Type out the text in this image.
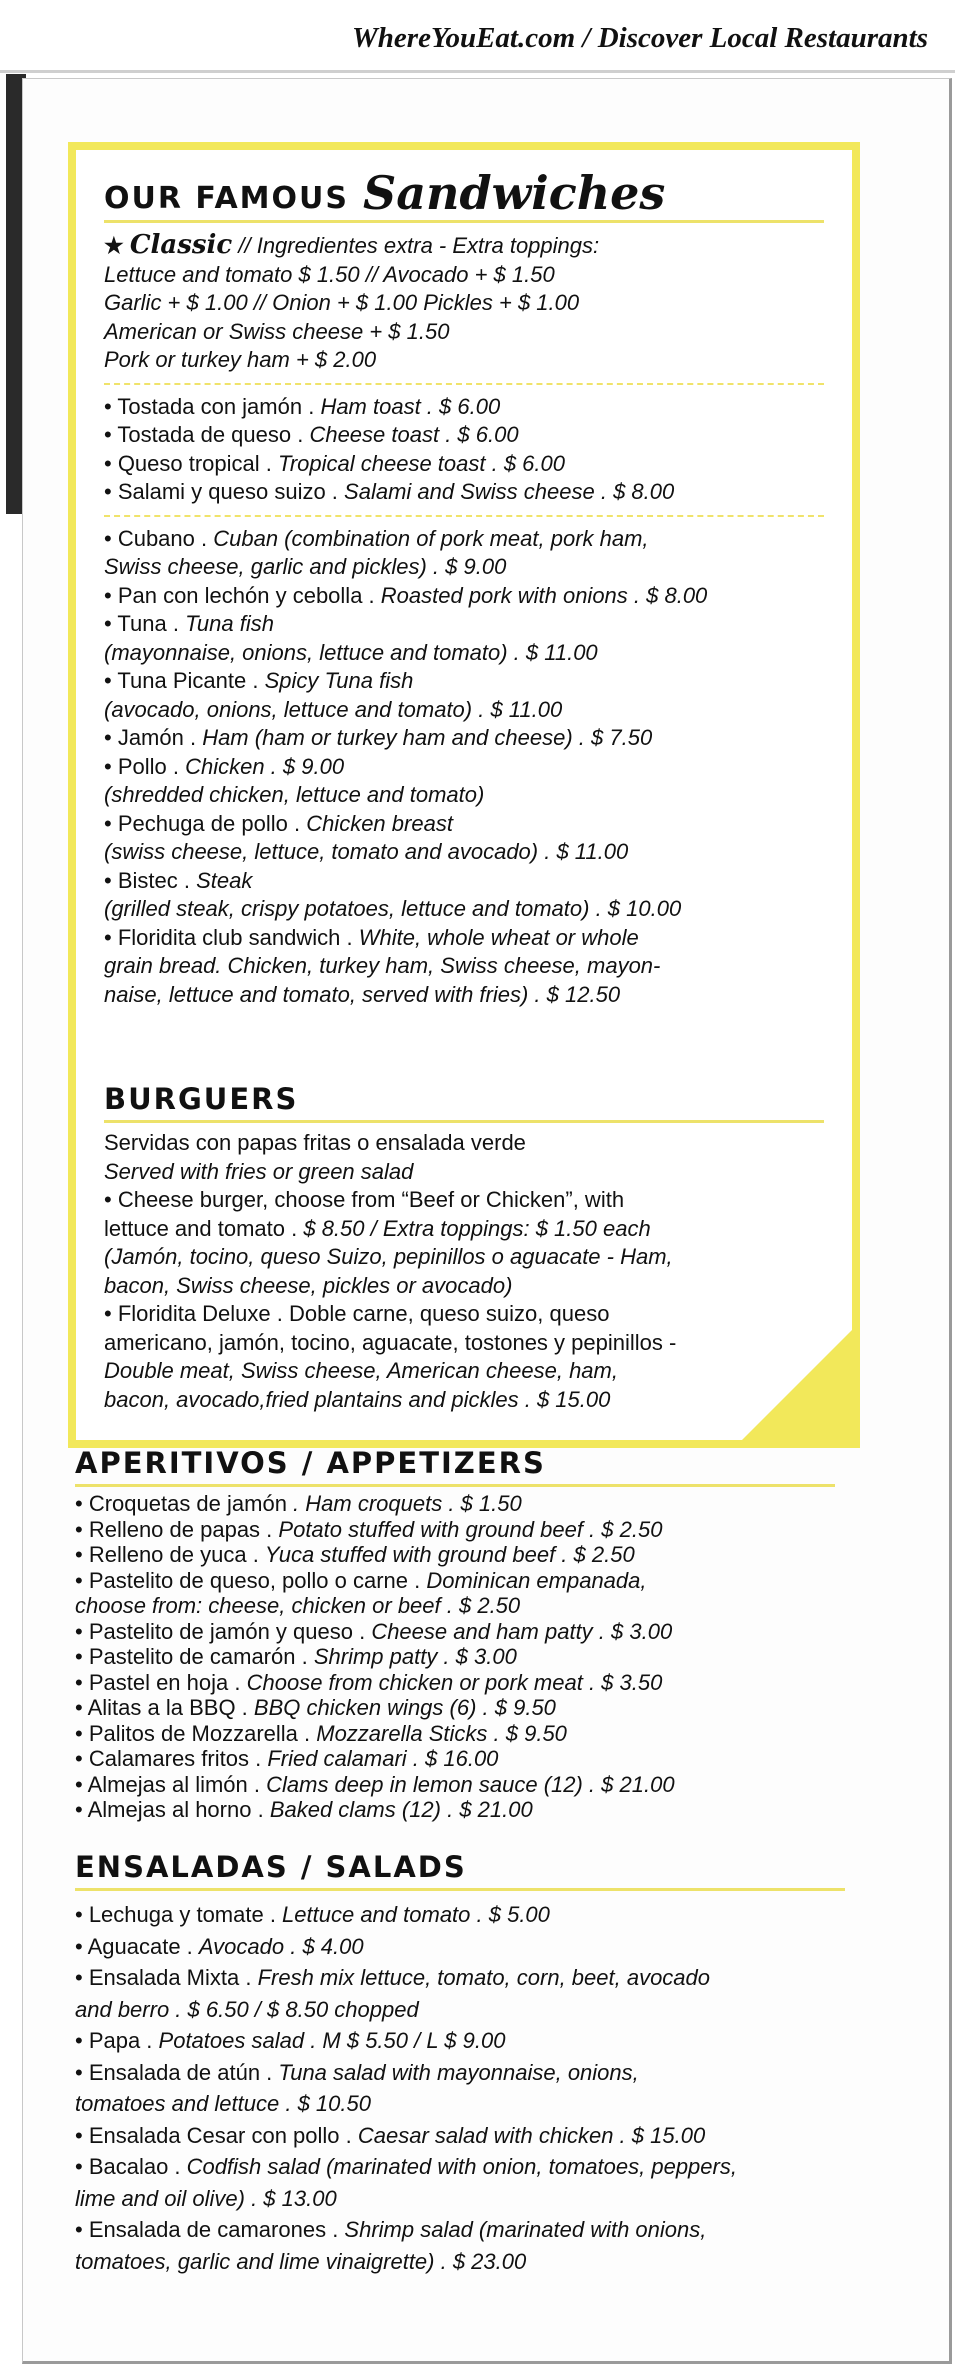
WhereYouEat.com / Discover Local Restaurants
OUR FAMOUS Sandwiches
★ Classic // Ingredientes extra - Extra toppings:
Lettuce and tomato $ 1.50 // Avocado + $ 1.50
Garlic + $ 1.00 // Onion + $ 1.00 Pickles + $ 1.00
American or Swiss cheese + $ 1.50
Pork or turkey ham + $ 2.00
• Tostada con jamón . Ham toast . $ 6.00
• Tostada de queso . Cheese toast . $ 6.00
• Queso tropical . Tropical cheese toast . $ 6.00
• Salami y queso suizo . Salami and Swiss cheese . $ 8.00
• Cubano . Cuban (combination of pork meat, pork ham,
Swiss cheese, garlic and pickles) . $ 9.00
• Pan con lechón y cebolla . Roasted pork with onions . $ 8.00
• Tuna . Tuna fish
(mayonnaise, onions, lettuce and tomato) . $ 11.00
• Tuna Picante . Spicy Tuna fish
(avocado, onions, lettuce and tomato) . $ 11.00
• Jamón . Ham (ham or turkey ham and cheese) . $ 7.50
• Pollo . Chicken . $ 9.00
(shredded chicken, lettuce and tomato)
• Pechuga de pollo . Chicken breast
(swiss cheese, lettuce, tomato and avocado) . $ 11.00
• Bistec . Steak
(grilled steak, crispy potatoes, lettuce and tomato) . $ 10.00
• Floridita club sandwich . White, whole wheat or whole
grain bread. Chicken, turkey ham, Swiss cheese, mayon-
naise, lettuce and tomato, served with fries) . $ 12.50
BURGUERS
Servidas con papas fritas o ensalada verde
Served with fries or green salad
• Cheese burger, choose from “Beef or Chicken”, with
lettuce and tomato . $ 8.50 / Extra toppings: $ 1.50 each
(Jamón, tocino, queso Suizo, pepinillos o aguacate - Ham,
bacon, Swiss cheese, pickles or avocado)
• Floridita Deluxe . Doble carne, queso suizo, queso
americano, jamón, tocino, aguacate, tostones y pepinillos -
Double meat, Swiss cheese, American cheese, ham,
bacon, avocado,fried plantains and pickles . $ 15.00
APERITIVOS / APPETIZERS
• Croquetas de jamón . Ham croquets . $ 1.50
• Relleno de papas . Potato stuffed with ground beef . $ 2.50
• Relleno de yuca . Yuca stuffed with ground beef . $ 2.50
• Pastelito de queso, pollo o carne . Dominican empanada,
choose from: cheese, chicken or beef . $ 2.50
• Pastelito de jamón y queso . Cheese and ham patty . $ 3.00
• Pastelito de camarón . Shrimp patty . $ 3.00
• Pastel en hoja . Choose from chicken or pork meat . $ 3.50
• Alitas a la BBQ . BBQ chicken wings (6) . $ 9.50
• Palitos de Mozzarella . Mozzarella Sticks . $ 9.50
• Calamares fritos . Fried calamari . $ 16.00
• Almejas al limón . Clams deep in lemon sauce (12) . $ 21.00
• Almejas al horno . Baked clams (12) . $ 21.00
ENSALADAS / SALADS
• Lechuga y tomate . Lettuce and tomato . $ 5.00
• Aguacate . Avocado . $ 4.00
• Ensalada Mixta . Fresh mix lettuce, tomato, corn, beet, avocado
and berro . $ 6.50 / $ 8.50 chopped
• Papa . Potatoes salad . M $ 5.50 / L $ 9.00
• Ensalada de atún . Tuna salad with mayonnaise, onions,
tomatoes and lettuce . $ 10.50
• Ensalada Cesar con pollo . Caesar salad with chicken . $ 15.00
• Bacalao . Codfish salad (marinated with onion, tomatoes, peppers,
lime and oil olive) . $ 13.00
• Ensalada de camarones . Shrimp salad (marinated with onions,
tomatoes, garlic and lime vinaigrette) . $ 23.00
